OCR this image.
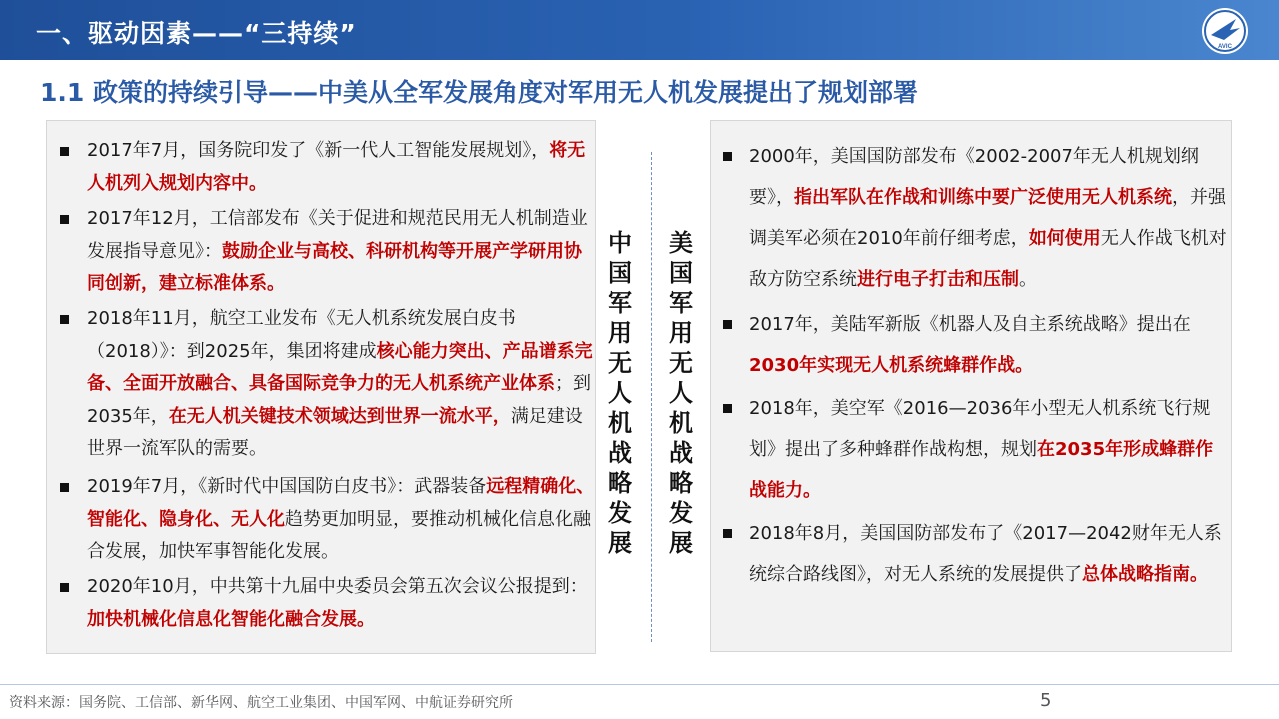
一、驱动因素——“三持续”	AVIC
1.1 政策的持续引导——中美从全军发展角度对军用无人机发展提出了规划部署
2017年7月，国务院印发了《新一代人工智能发展规划》，将无人机列入规划内容中。
2017年12月，工信部发布《关于促进和规范民用无人机制造业发展指导意见》：鼓励企业与高校、科研机构等开展产学研用协同创新，建立标准体系。
2018年11月，航空工业发布《无人机系统发展白皮书（2018）》：到2025年，集团将建成核心能力突出、产品谱系完备、全面开放融合、具备国际竞争力的无人机系统产业体系；到2035年，在无人机关键技术领域达到世界一流水平，满足建设世界一流军队的需要。
2019年7月，《新时代中国国防白皮书》：武器装备远程精确化、智能化、隐身化、无人化趋势更加明显，要推动机械化信息化融合发展，加快军事智能化发展。
2020年10月，中共第十九届中央委员会第五次会议公报提到：加快机械化信息化智能化融合发展。
中国军用无人机战略发展
美国军用无人机战略发展
2000年，美国国防部发布《2002-2007年无人机规划纲要》，指出军队在作战和训练中要广泛使用无人机系统，并强调美军必须在2010年前仔细考虑，如何使用无人作战飞机对敌方防空系统进行电子打击和压制。
2017年，美陆军新版《机器人及自主系统战略》提出在2030年实现无人机系统蜂群作战。
2018年，美空军《2016—2036年小型无人机系统飞行规划》提出了多种蜂群作战构想，规划在2035年形成蜂群作战能力。
2018年8月，美国国防部发布了《2017—2042财年无人系统综合路线图》，对无人系统的发展提供了总体战略指南。
资料来源：国务院、工信部、新华网、航空工业集团、中国军网、中航证券研究所	5
